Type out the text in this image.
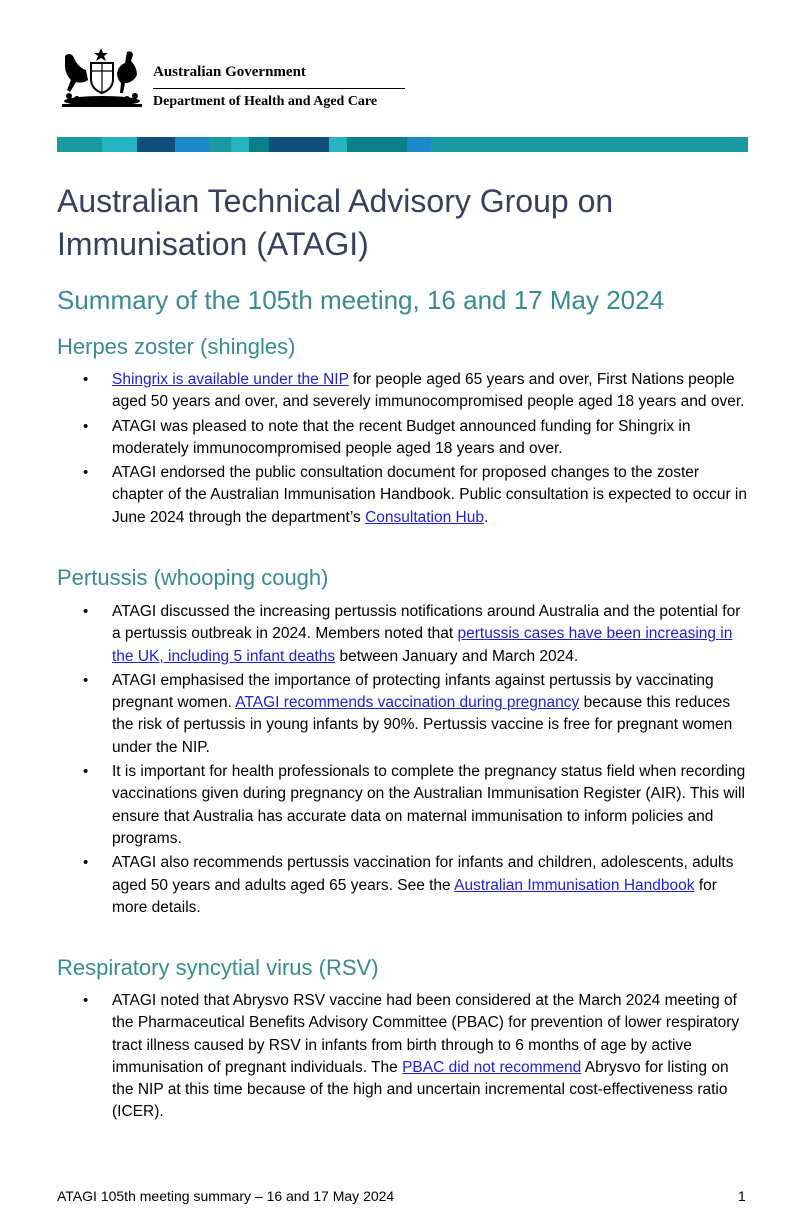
Australian Government
Department of Health and Aged Care
Australian Technical Advisory Group on Immunisation (ATAGI)
Summary of the 105th meeting, 16 and 17 May 2024
Herpes zoster (shingles)
• Shingrix is available under the NIP for people aged 65 years and over, First Nations people aged 50 years and over, and severely immunocompromised people aged 18 years and over.
• ATAGI was pleased to note that the recent Budget announced funding for Shingrix in moderately immunocompromised people aged 18 years and over.
• ATAGI endorsed the public consultation document for proposed changes to the zoster chapter of the Australian Immunisation Handbook. Public consultation is expected to occur in June 2024 through the department’s Consultation Hub.
Pertussis (whooping cough)
• ATAGI discussed the increasing pertussis notifications around Australia and the potential for a pertussis outbreak in 2024. Members noted that pertussis cases have been increasing in the UK, including 5 infant deaths between January and March 2024.
• ATAGI emphasised the importance of protecting infants against pertussis by vaccinating pregnant women. ATAGI recommends vaccination during pregnancy because this reduces the risk of pertussis in young infants by 90%. Pertussis vaccine is free for pregnant women under the NIP.
• It is important for health professionals to complete the pregnancy status field when recording vaccinations given during pregnancy on the Australian Immunisation Register (AIR). This will ensure that Australia has accurate data on maternal immunisation to inform policies and programs.
• ATAGI also recommends pertussis vaccination for infants and children, adolescents, adults aged 50 years and adults aged 65 years. See the Australian Immunisation Handbook for more details.
Respiratory syncytial virus (RSV)
• ATAGI noted that Abrysvo RSV vaccine had been considered at the March 2024 meeting of the Pharmaceutical Benefits Advisory Committee (PBAC) for prevention of lower respiratory tract illness caused by RSV in infants from birth through to 6 months of age by active immunisation of pregnant individuals. The PBAC did not recommend Abrysvo for listing on the NIP at this time because of the high and uncertain incremental cost-effectiveness ratio (ICER).
ATAGI 105th meeting summary – 16 and 17 May 2024	1
